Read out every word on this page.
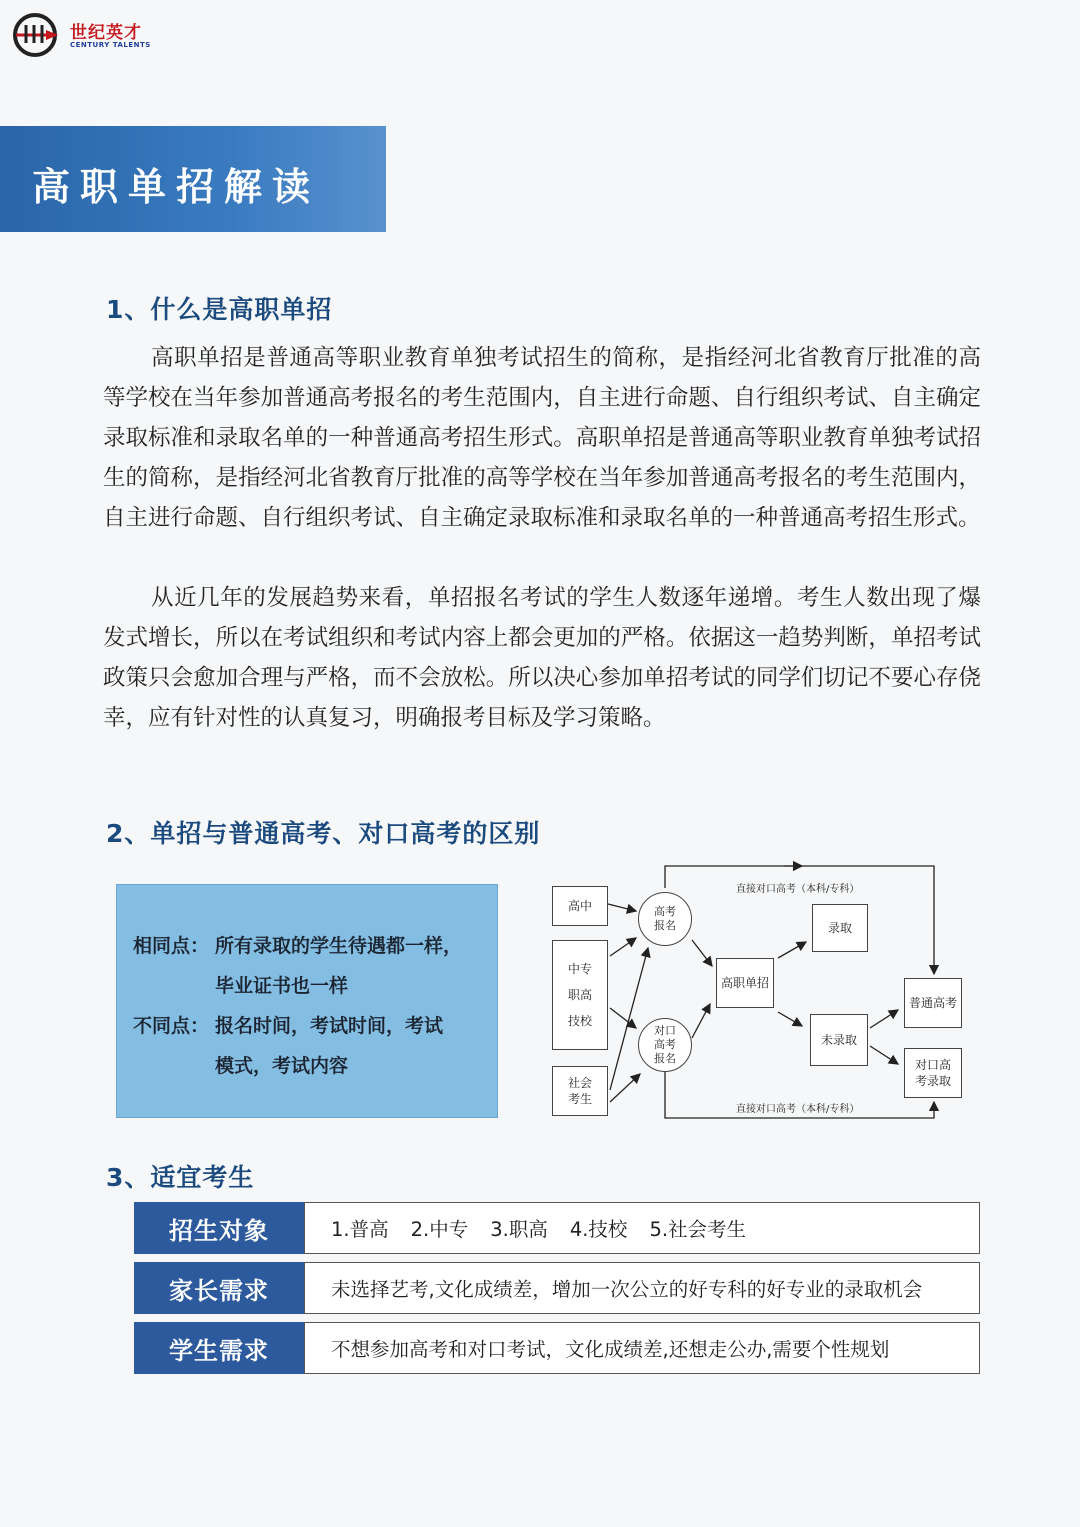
世纪英才
CENTURY TALENTS
高职单招解读
1、什么是高职单招

高职单招是普通高等职业教育单独考试招生的简称，是指经河北省教育厅批准的高等学校在当年参加普通高考报名的考生范围内，自主进行命题、自行组织考试、自主确定录取标准和录取名单的一种普通高考招生形式。高职单招是普通高等职业教育单独考试招生的简称，是指经河北省教育厅批准的高等学校在当年参加普通高考报名的考生范围内，自主进行命题、自行组织考试、自主确定录取标准和录取名单的一种普通高考招生形式。

从近几年的发展趋势来看，单招报名考试的学生人数逐年递增。考生人数出现了爆发式增长，所以在考试组织和考试内容上都会更加的严格。依据这一趋势判断，单招考试政策只会愈加合理与严格，而不会放松。所以决心参加单招考试的同学们切记不要心存侥幸，应有针对性的认真复习，明确报考目标及学习策略。

2、单招与普通高考、对口高考的区别
相同点： 所有录取的学生待遇都一样，
毕业证书也一样
不同点： 报名时间，考试时间，考试
模式，考试内容
高中
中专
职高
技校
社会
考生
高考
报名
对口
高考
报名
高职单招
录取
未录取
普通高考
对口高
考录取
直接对口高考（本科/专科）
直接对口高考（本科/专科）
3、适宜考生
招生对象	1.普高 2.中专 3.职高 4.技校 5.社会考生
家长需求	未选择艺考,文化成绩差，增加一次公立的好专科的好专业的录取机会
学生需求	不想参加高考和对口考试，文化成绩差,还想走公办,需要个性规划
